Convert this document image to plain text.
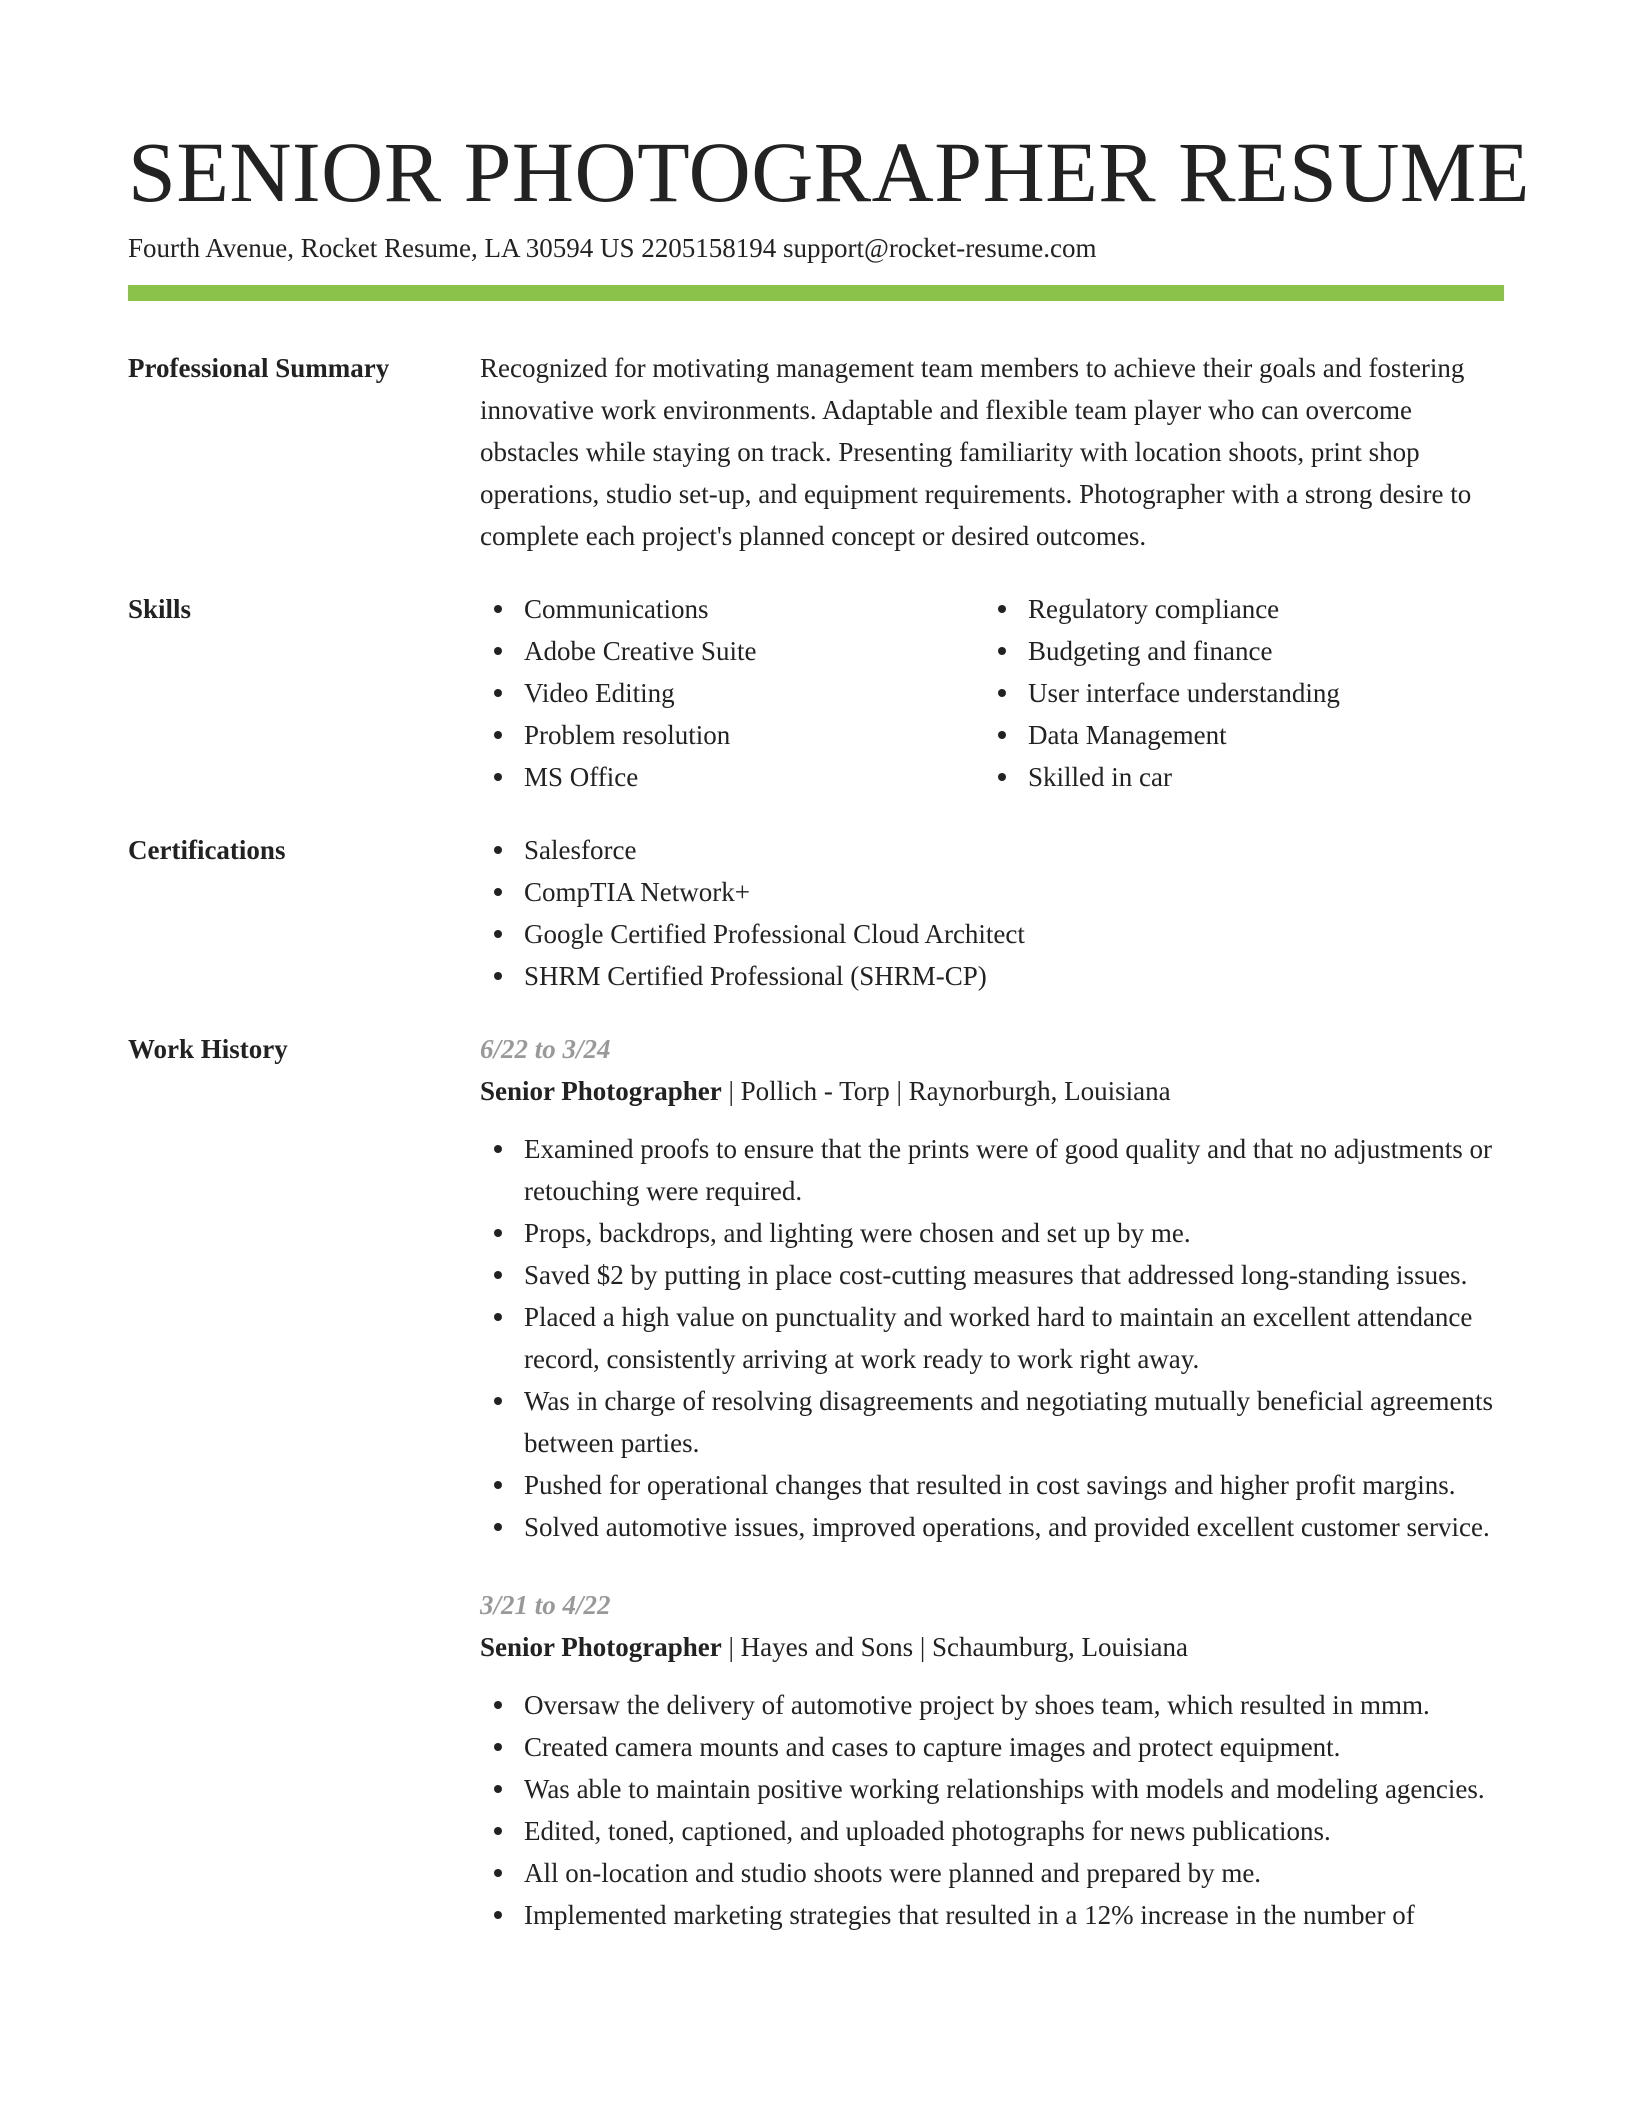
SENIOR PHOTOGRAPHER RESUME
Fourth Avenue, Rocket Resume, LA 30594 US 2205158194 support@rocket-resume.com
Professional Summary	Recognized for motivating management team members to achieve their goals and fostering innovative work environments. Adaptable and flexible team player who can overcome obstacles while staying on track. Presenting familiarity with location shoots, print shop operations, studio set-up, and equipment requirements. Photographer with a strong desire to complete each project's planned concept or desired outcomes.

Skills	Communications
Adobe Creative Suite
Video Editing
Problem resolution
MS Office
Regulatory compliance
Budgeting and finance
User interface understanding
Data Management
Skilled in car
Certifications	Salesforce
CompTIA Network+
Google Certified Professional Cloud Architect
SHRM Certified Professional (SHRM-CP)
Work History	6/22 to 3/24
Senior Photographer | Pollich - Torp | Raynorburgh, Louisiana
Examined proofs to ensure that the prints were of good quality and that no adjustments or retouching were required.
Props, backdrops, and lighting were chosen and set up by me.
Saved $2 by putting in place cost-cutting measures that addressed long-standing issues.
Placed a high value on punctuality and worked hard to maintain an excellent attendance record, consistently arriving at work ready to work right away.
Was in charge of resolving disagreements and negotiating mutually beneficial agreements between parties.
Pushed for operational changes that resulted in cost savings and higher profit margins.
Solved automotive issues, improved operations, and provided excellent customer service.
3/21 to 4/22
Senior Photographer | Hayes and Sons | Schaumburg, Louisiana
Oversaw the delivery of automotive project by shoes team, which resulted in mmm.
Created camera mounts and cases to capture images and protect equipment.
Was able to maintain positive working relationships with models and modeling agencies.
Edited, toned, captioned, and uploaded photographs for news publications.
All on-location and studio shoots were planned and prepared by me.
Implemented marketing strategies that resulted in a 12% increase in the number of
